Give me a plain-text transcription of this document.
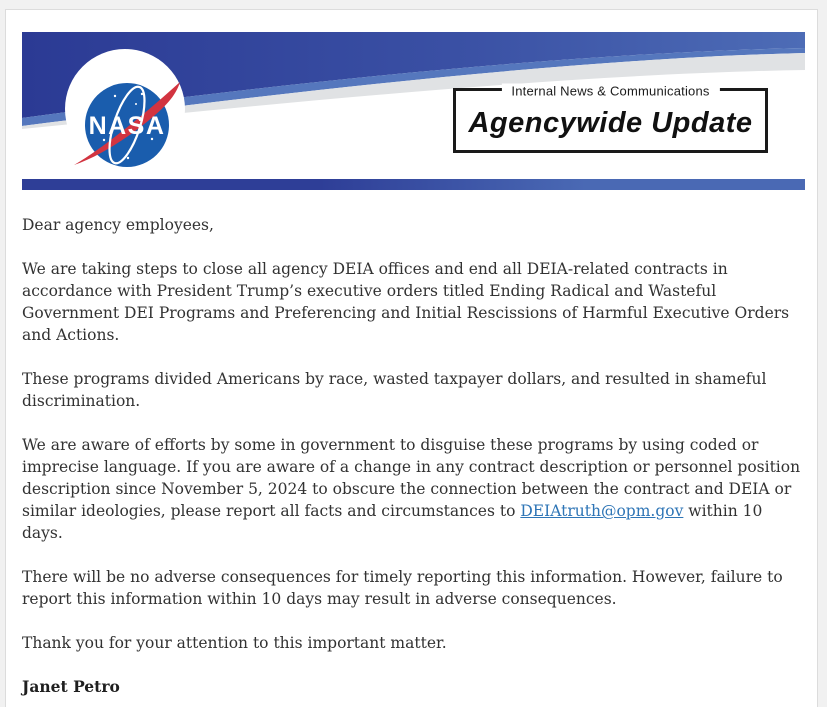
NASA
Internal News & Communications
Agencywide Update

Dear agency employees,

We are taking steps to close all agency DEIA offices and end all DEIA-related contracts in accordance with President Trump’s executive orders titled Ending Radical and Wasteful Government DEI Programs and Preferencing and Initial Rescissions of Harmful Executive Orders and Actions.

These programs divided Americans by race, wasted taxpayer dollars, and resulted in shameful discrimination.

We are aware of efforts by some in government to disguise these programs by using coded or imprecise language. If you are aware of a change in any contract description or personnel position description since November 5, 2024 to obscure the connection between the contract and DEIA or similar ideologies, please report all facts and circumstances to DEIAtruth@opm.gov within 10 days.

There will be no adverse consequences for timely reporting this information. However, failure to report this information within 10 days may result in adverse consequences.

Thank you for your attention to this important matter.

Janet Petro
